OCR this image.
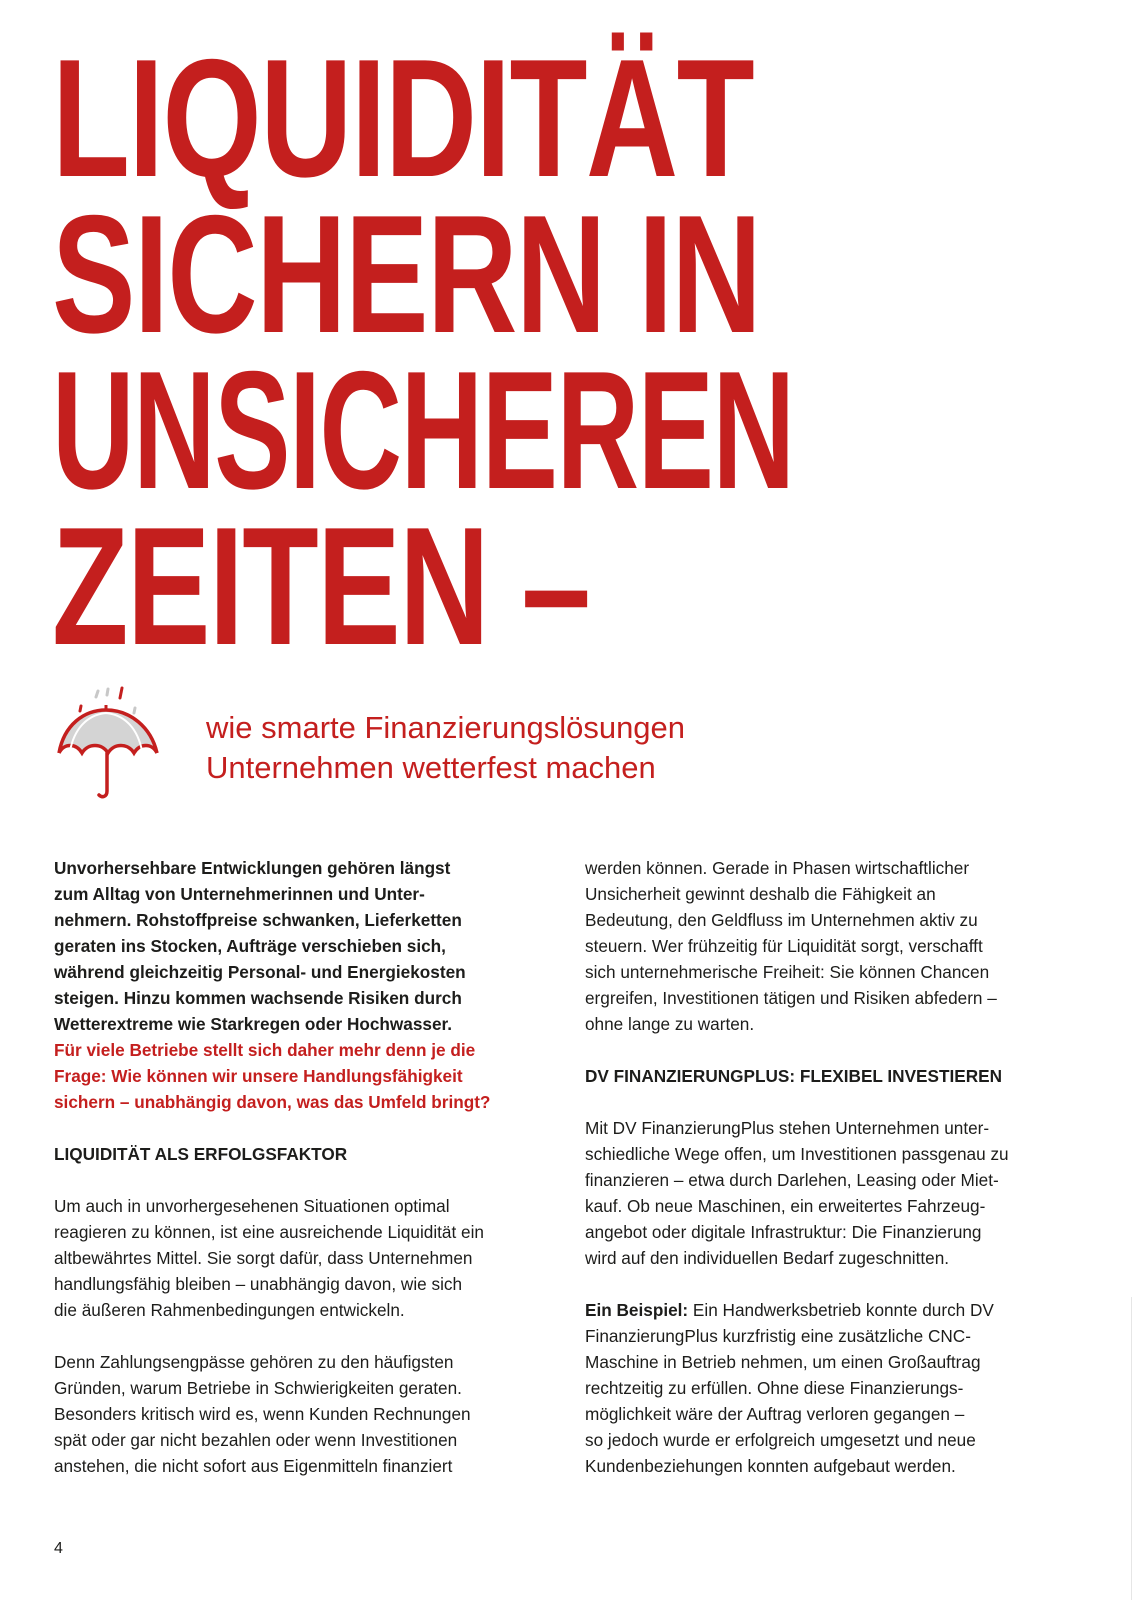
LIQUIDITÄT
SICHERN IN
UNSICHEREN
ZEITEN –
wie smarte Finanzierungslösungen
Unternehmen wetterfest machen

Unvorhersehbare Entwicklungen gehören längst
zum Alltag von Unternehmerinnen und Unter-
nehmern. Rohstoffpreise schwanken, Lieferketten
geraten ins Stocken, Aufträge verschieben sich,
während gleichzeitig Personal- und Energiekosten
steigen. Hinzu kommen wachsende Risiken durch
Wetterextreme wie Starkregen oder Hochwasser.
Für viele Betriebe stellt sich daher mehr denn je die
Frage: Wie können wir unsere Handlungsfähigkeit
sichern – unabhängig davon, was das Umfeld bringt?

LIQUIDITÄT ALS ERFOLGSFAKTOR

Um auch in unvorhergesehenen Situationen optimal
reagieren zu können, ist eine ausreichende Liquidität ein
altbewährtes Mittel. Sie sorgt dafür, dass Unternehmen
handlungsfähig bleiben – unabhängig davon, wie sich
die äußeren Rahmenbedingungen entwickeln.

Denn Zahlungsengpässe gehören zu den häufigsten
Gründen, warum Betriebe in Schwierigkeiten geraten.
Besonders kritisch wird es, wenn Kunden Rechnungen
spät oder gar nicht bezahlen oder wenn Investitionen
anstehen, die nicht sofort aus Eigenmitteln finanziert

werden können. Gerade in Phasen wirtschaftlicher
Unsicherheit gewinnt deshalb die Fähigkeit an
Bedeutung, den Geldfluss im Unternehmen aktiv zu
steuern. Wer frühzeitig für Liquidität sorgt, verschafft
sich unternehmerische Freiheit: Sie können Chancen
ergreifen, Investitionen tätigen und Risiken abfedern –
ohne lange zu warten.

DV FINANZIERUNGPLUS: FLEXIBEL INVESTIEREN

Mit DV FinanzierungPlus stehen Unternehmen unter-
schiedliche Wege offen, um Investitionen passgenau zu
finanzieren – etwa durch Darlehen, Leasing oder Miet-
kauf. Ob neue Maschinen, ein erweitertes Fahrzeug-
angebot oder digitale Infrastruktur: Die Finanzierung
wird auf den individuellen Bedarf zugeschnitten.

Ein Beispiel: Ein Handwerksbetrieb konnte durch DV
FinanzierungPlus kurzfristig eine zusätzliche CNC-
Maschine in Betrieb nehmen, um einen Großauftrag
rechtzeitig zu erfüllen. Ohne diese Finanzierungs-
möglichkeit wäre der Auftrag verloren gegangen –
so jedoch wurde er erfolgreich umgesetzt und neue
Kundenbeziehungen konnten aufgebaut werden.

4
